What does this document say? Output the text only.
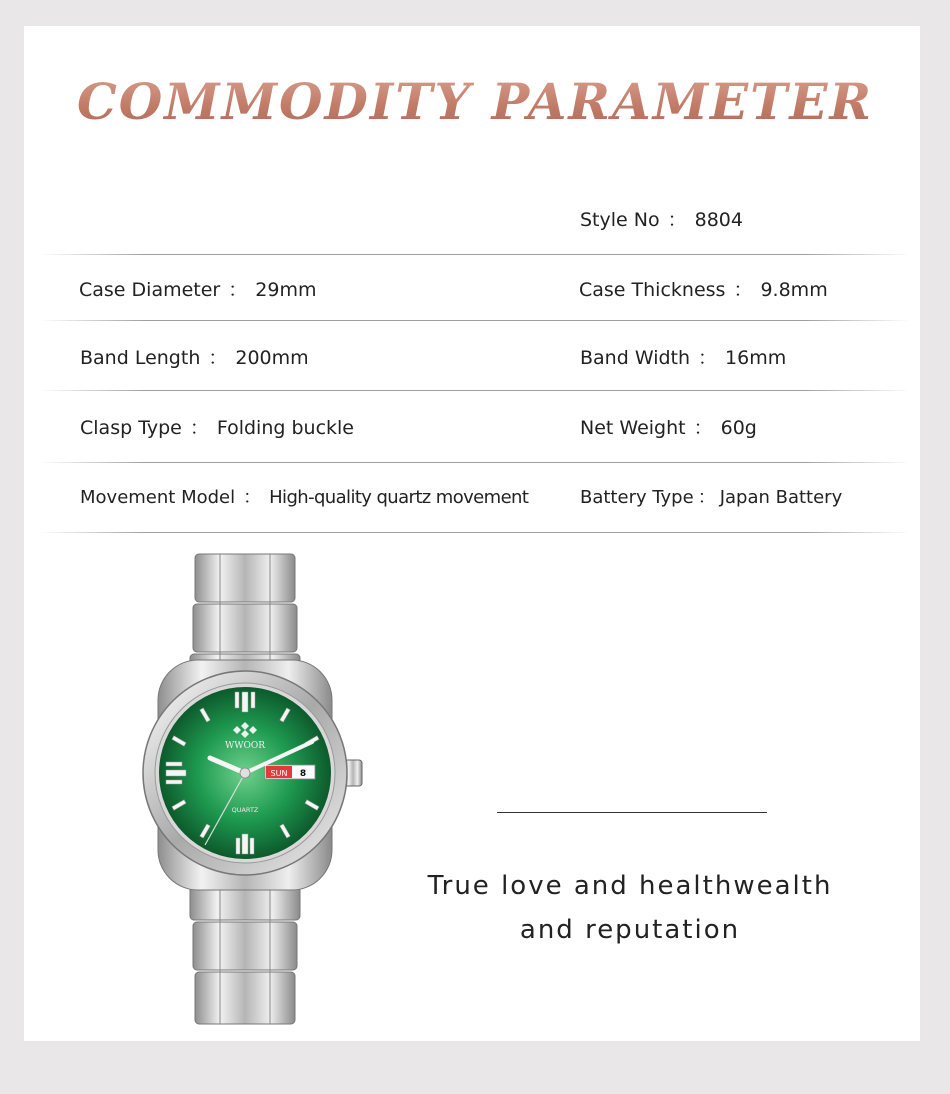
COMMODITY PARAMETER
Style No ： 8804
Case Diameter ： 29mm	Case Thickness ： 9.8mm
Band Length ： 200mm	Band Width ： 16mm
Clasp Type ： Folding buckle	Net Weight ： 60g
Movement Model ： High-quality quartz movement	Battery Type ： Japan Battery
WWOOR
QUARTZ
SUN 8
True love and healthwealth
and reputation
